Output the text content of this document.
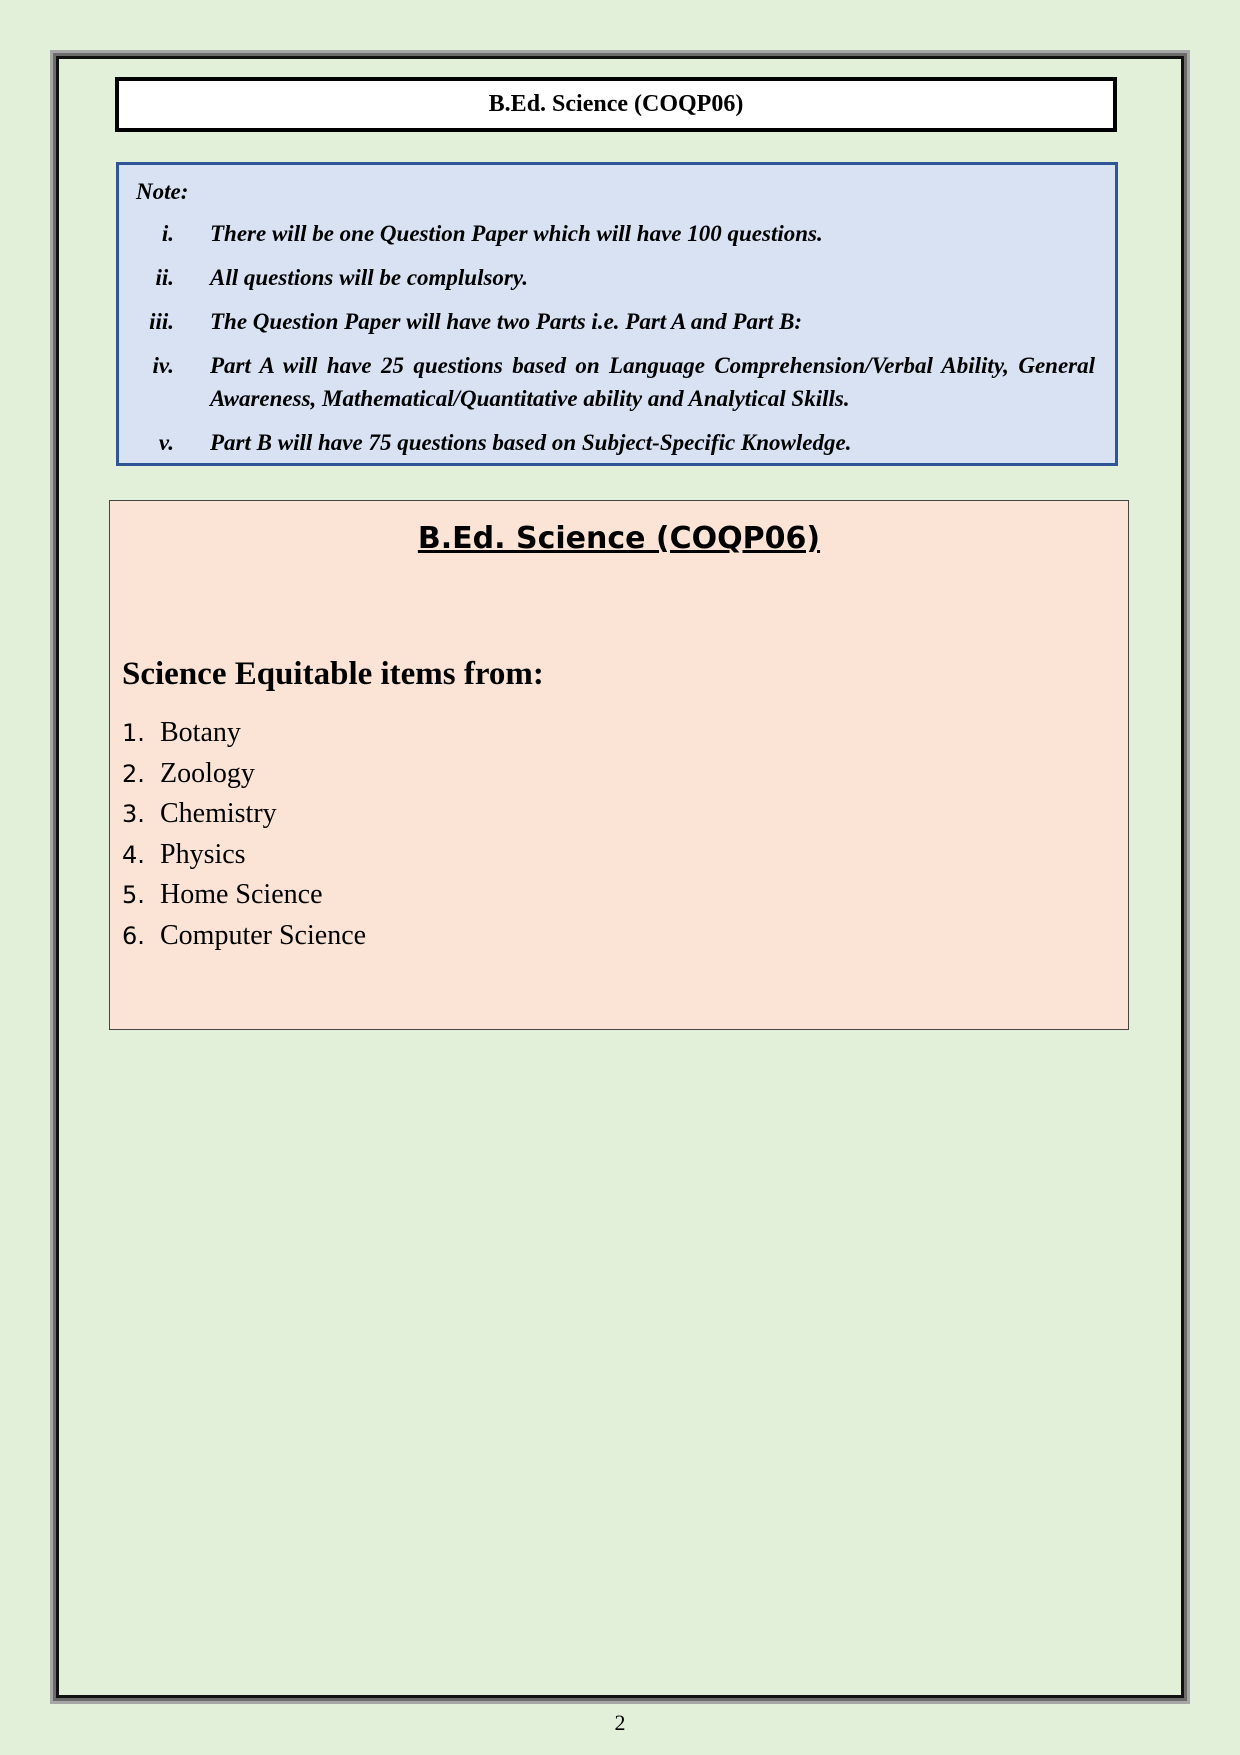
B.Ed. Science (COQP06)
Note:
i. There will be one Question Paper which will have 100 questions.
ii. All questions will be complulsory.
iii. The Question Paper will have two Parts i.e. Part A and Part B:
iv. Part A will have 25 questions based on Language Comprehension/Verbal Ability, General Awareness, Mathematical/Quantitative ability and Analytical Skills.
v. Part B will have 75 questions based on Subject-Specific Knowledge.
B.Ed. Science (COQP06)
Science Equitable items from:
1. Botany
2. Zoology
3. Chemistry
4. Physics
5. Home Science
6. Computer Science
2
